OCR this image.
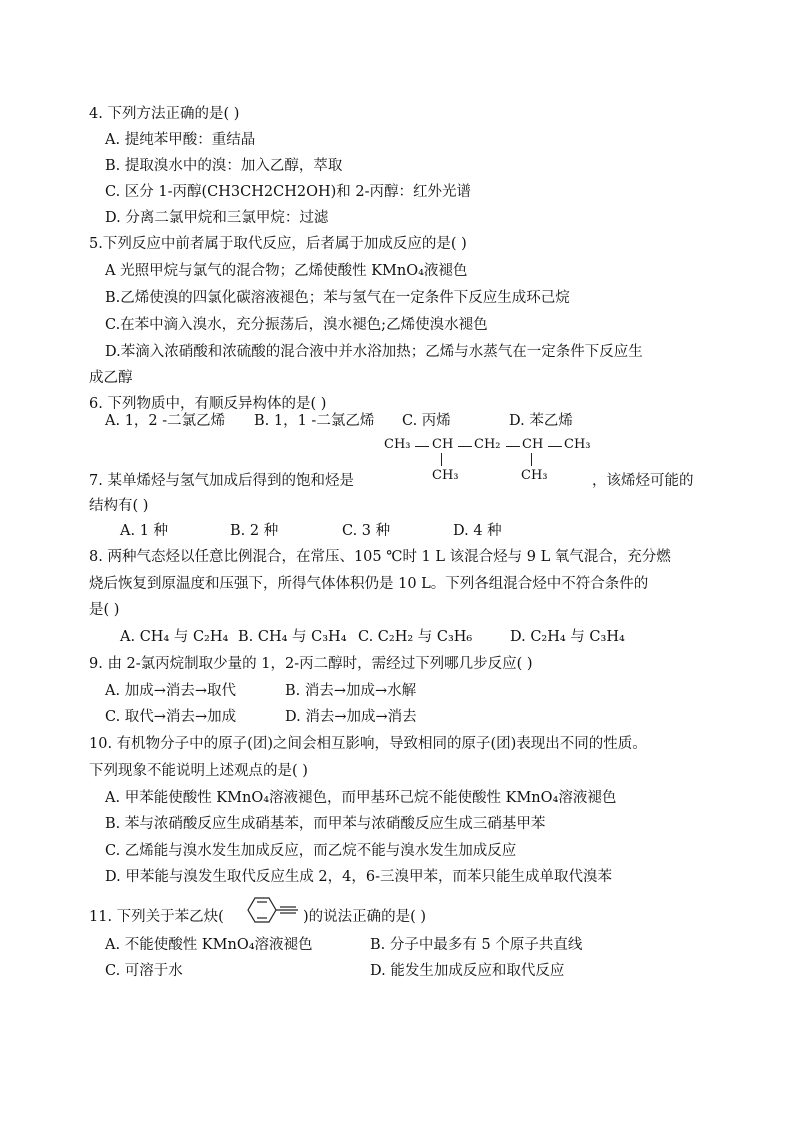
4. 下列方法正确的是( )
A. 提纯苯甲酸：重结晶
B. 提取溴水中的溴：加入乙醇，萃取
C. 区分 1-丙醇(CH3CH2CH2OH)和 2-丙醇：红外光谱
D. 分离二氯甲烷和三氯甲烷：过滤
5.下列反应中前者属于取代反应，后者属于加成反应的是( )
A 光照甲烷与氯气的混合物；乙烯使酸性 KMnO₄液褪色
B.乙烯使溴的四氯化碳溶液褪色；苯与氢气在一定条件下反应生成环己烷
C.在苯中滴入溴水，充分振荡后，溴水褪色;乙烯使溴水褪色
D.苯滴入浓硝酸和浓硫酸的混合液中并水浴加热；乙烯与水蒸气在一定条件下反应生
成乙醇
6. 下列物质中，有顺反异构体的是( )
A. 1，2 -二氯乙烯 B. 1，1 -二氯乙烯 C. 丙烯	D. 苯乙烯
CH₃ CH CH₂ CH CH₃
CH₃	CH₃
7. 某单烯烃与氢气加成后得到的饱和烃是	，该烯烃可能的
结构有( )
A. 1 种	B. 2 种	C. 3 种	D. 4 种
8. 两种气态烃以任意比例混合，在常压、105 ℃时 1 L 该混合烃与 9 L 氧气混合，充分燃
烧后恢复到原温度和压强下，所得气体体积仍是 10 L。下列各组混合烃中不符合条件的
是( )
A. CH₄ 与 C₂H₄ B. CH₄ 与 C₃H₄ C. C₂H₂ 与 C₃H₆	D. C₂H₄ 与 C₃H₄
9. 由 2-氯丙烷制取少量的 1，2-丙二醇时，需经过下列哪几步反应( )
A. 加成→消去→取代	B. 消去→加成→水解
C. 取代→消去→加成	D. 消去→加成→消去
10. 有机物分子中的原子(团)之间会相互影响，导致相同的原子(团)表现出不同的性质。
下列现象不能说明上述观点的是( )
A. 甲苯能使酸性 KMnO₄溶液褪色，而甲基环己烷不能使酸性 KMnO₄溶液褪色
B. 苯与浓硝酸反应生成硝基苯，而甲苯与浓硝酸反应生成三硝基甲苯
C. 乙烯能与溴水发生加成反应，而乙烷不能与溴水发生加成反应
D. 甲苯能与溴发生取代反应生成 2，4，6-三溴甲苯，而苯只能生成单取代溴苯
11. 下列关于苯乙炔(	)的说法正确的是( )
A. 不能使酸性 KMnO₄溶液褪色	B. 分子中最多有 5 个原子共直线
C. 可溶于水	D. 能发生加成反应和取代反应
